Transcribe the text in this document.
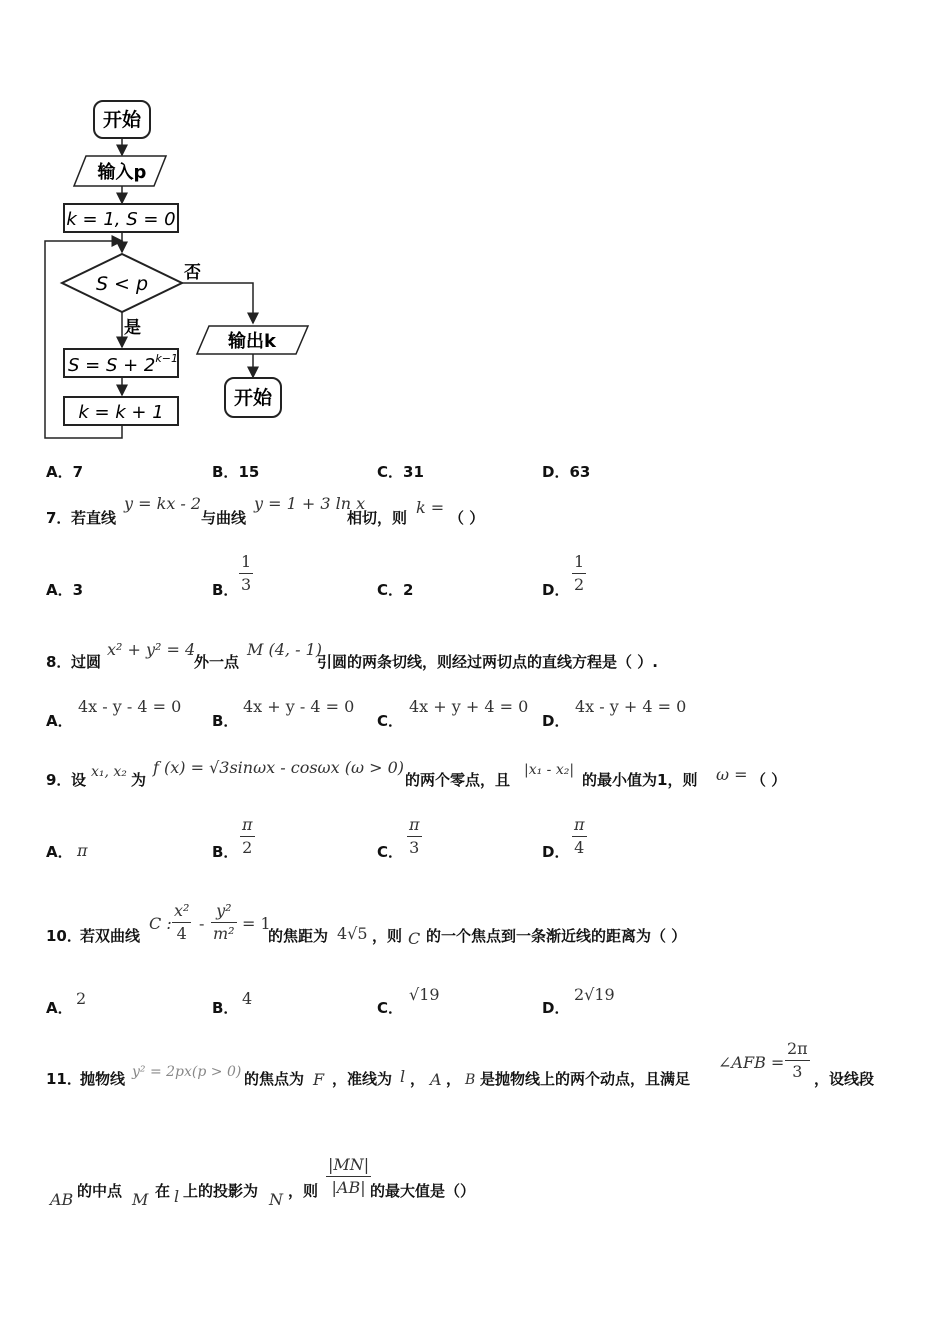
开始
输入p
k = 1, S = 0
S < p 否
是
$S = S + 2^{k-1}$
k = k + 1
输出k
开始
A．7	B．15	C．31	D．63
7． 若直线
y = kx - 2
与曲线
y = 1 + 3 ln x
相切，则
k =
（ ）
A．3	B．
1
3	C．2	D．
1
2
8． 过圆
x² + y² = 4
外一点
M (4, - 1)
引圆的两条切线，则经过两切点的直线方程是（ ）.
A．
4x - y - 4 = 0
B．
4x + y - 4 = 0
C．
4x + y + 4 = 0
D．
4x - y + 4 = 0
9． 设 x₁, x₂ 为
f (x) = √3sinωx - cosωx (ω > 0)
的两个零点，且
|x₁ - x₂|
的最小值为1，则 ω = （ ）
A． π	B．
π
2	C．
π
3	D．
π
4
10．
若双曲线
C :
x²
4
-
y²
m²
= 1
的焦距为 4√5 ，则 C 的一个焦点到一条渐近线的距离为（ ）
A． 2	B． 4	C．
√19
D．
2√19
11．
抛物线 y² = 2px(p > 0) 的焦点为 F ，准线为 l ， A ， B 是抛物线上的两个动点，且满足
∠AFB =
2π
3 ，设线段
AB 的中点 M 在 l 上的投影为 N ，则
|MN|
|AB| 的最大值是（）
